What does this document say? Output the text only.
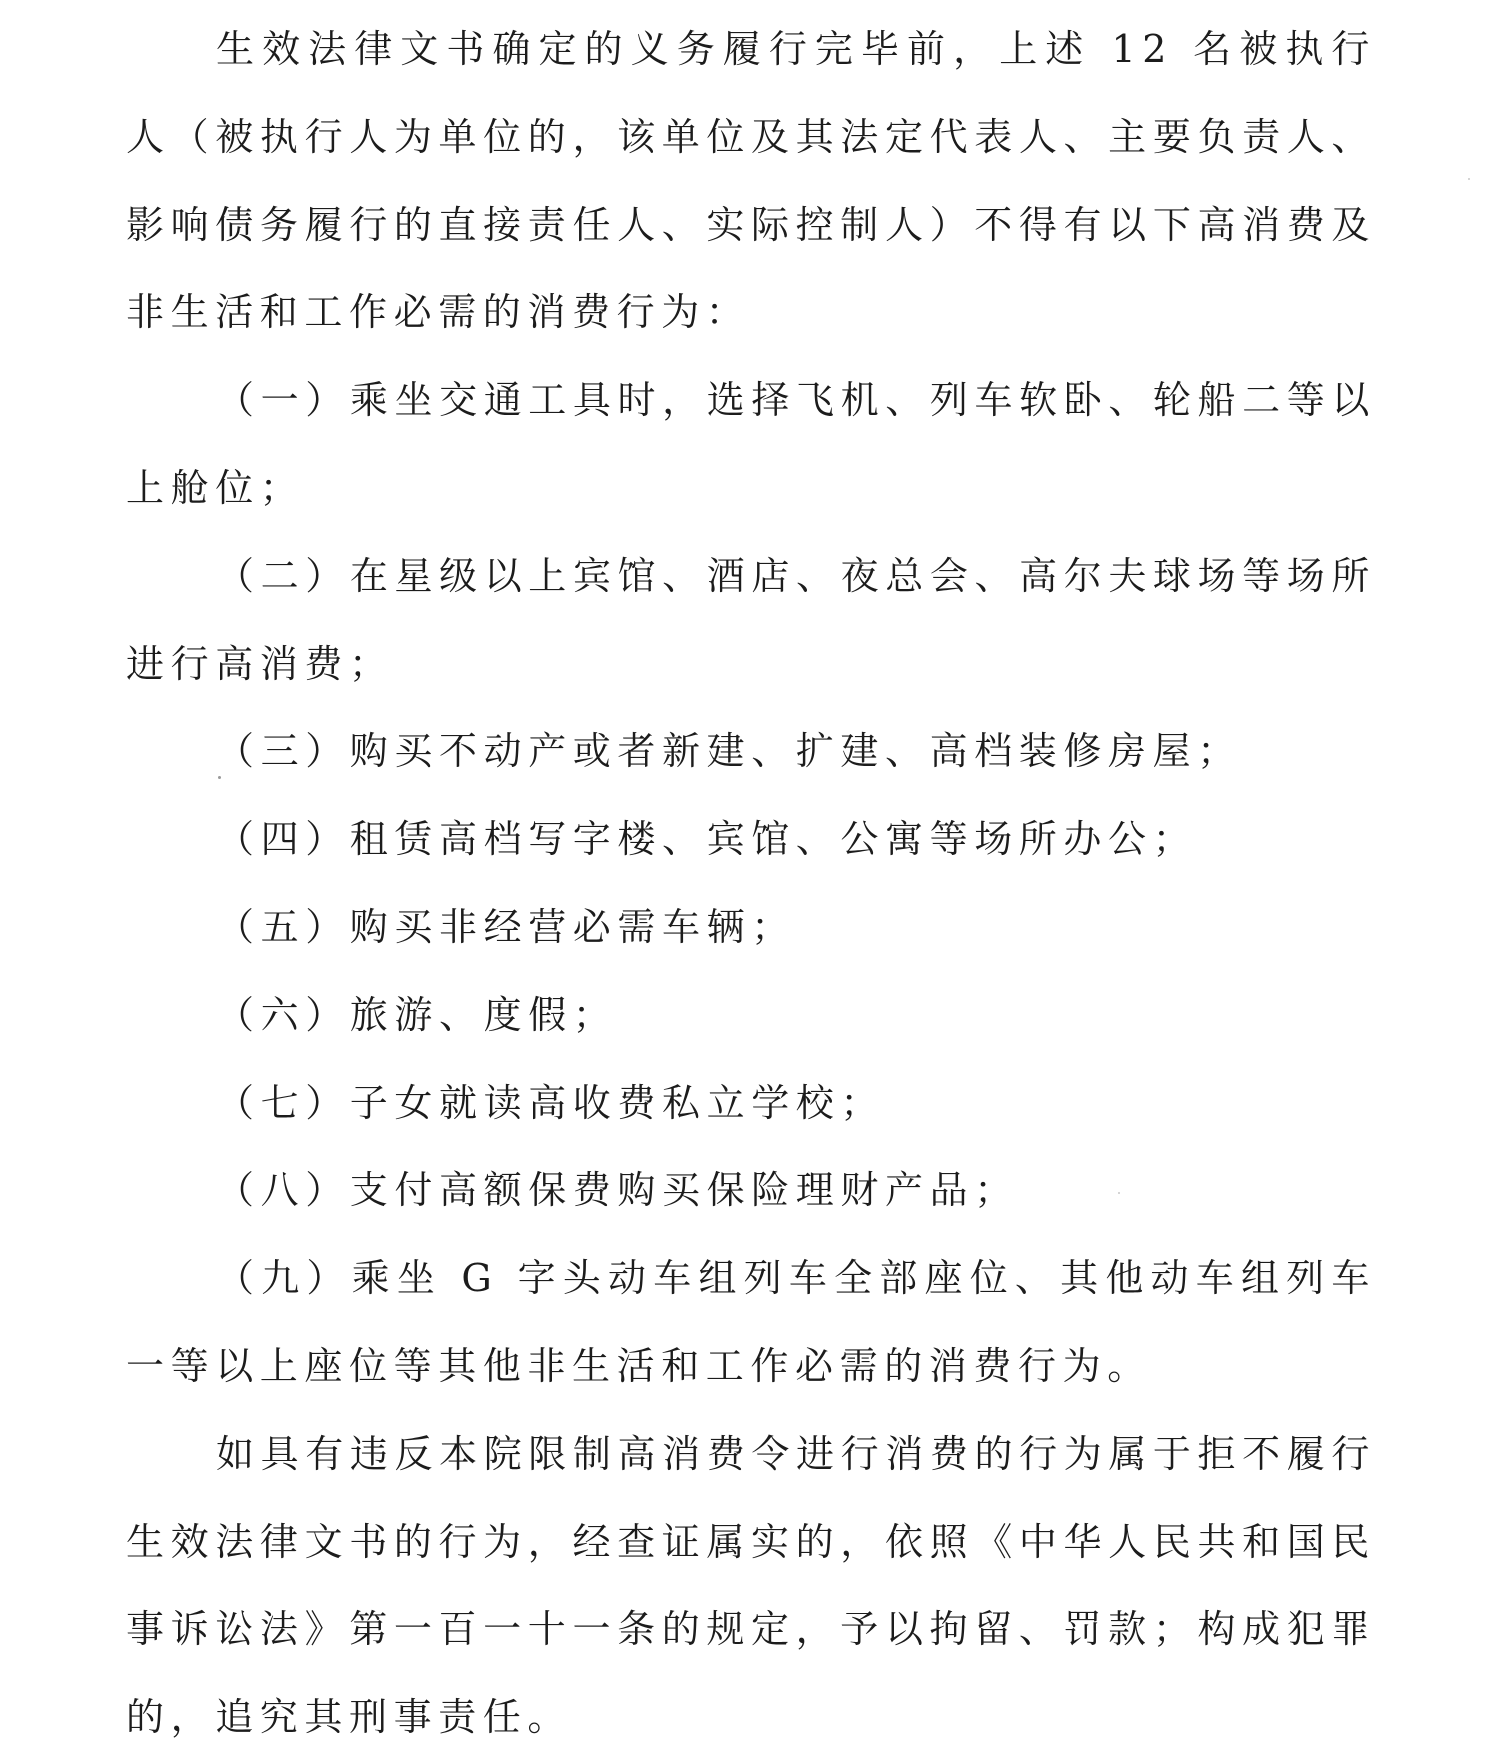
生效法律文书确定的义务履行完毕前，上述 12 名被执行人（被执行人为单位的，该单位及其法定代表人、主要负责人、影响债务履行的直接责任人、实际控制人）不得有以下高消费及非生活和工作必需的消费行为：

（一）乘坐交通工具时，选择飞机、列车软卧、轮船二等以上舱位；

（二）在星级以上宾馆、酒店、夜总会、高尔夫球场等场所进行高消费；

（三）购买不动产或者新建、扩建、高档装修房屋；

（四）租赁高档写字楼、宾馆、公寓等场所办公；

（五）购买非经营必需车辆；

（六）旅游、度假；

（七）子女就读高收费私立学校；

（八）支付高额保费购买保险理财产品；

（九）乘坐 G 字头动车组列车全部座位、其他动车组列车一等以上座位等其他非生活和工作必需的消费行为。

如具有违反本院限制高消费令进行消费的行为属于拒不履行生效法律文书的行为，经查证属实的，依照《中华人民共和国民事诉讼法》第一百一十一条的规定，予以拘留、罚款；构成犯罪的，追究其刑事责任。
